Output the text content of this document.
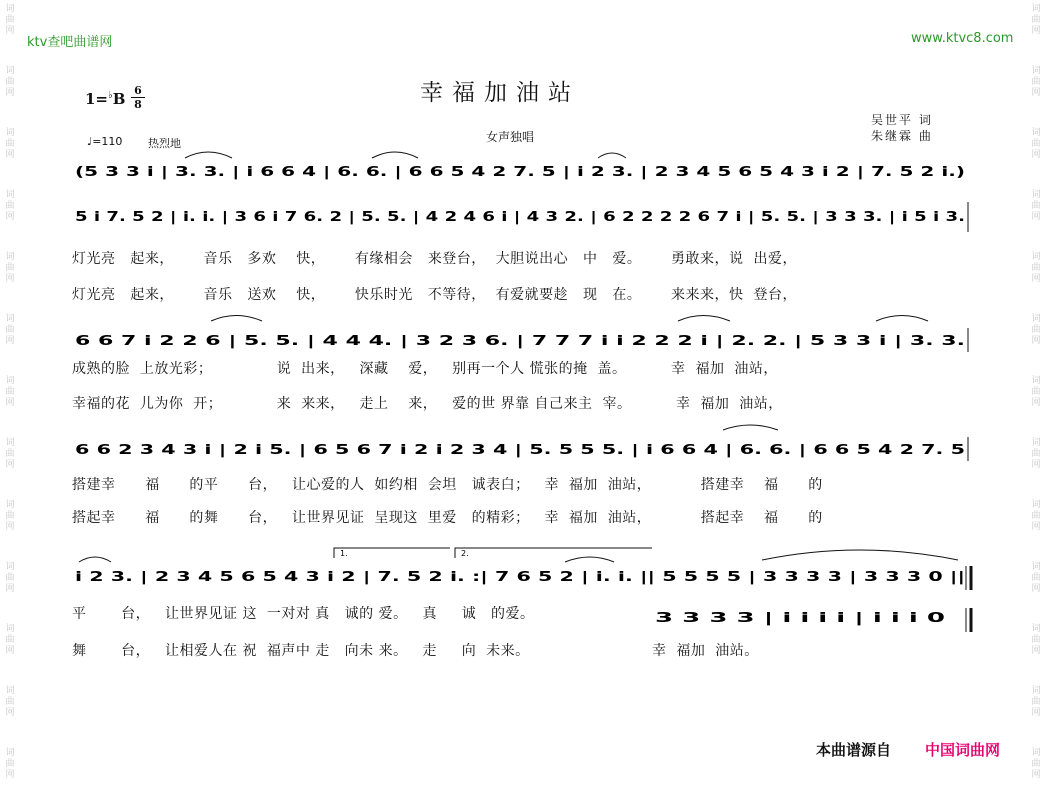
词
曲
网
词
曲
网
词
曲
网
词
曲
网
词
曲
网
词
曲
网
词
曲
网
词
曲
网
词
曲
网
词
曲
网
词
曲
网
词
曲
网
词
曲
网
词
曲
网
词
曲
网
词
曲
网
词
曲
网
词
曲
网
词
曲
网
词
曲
网
词
曲
网
词
曲
网
词
曲
网
词
曲
网
词
曲
网
词
曲
网
ktv查吧曲谱网	www.ktvc8.com
幸福加油站
1=♭B 6
8
♩=110 热烈地	女声独唱
吴世平 词
朱继霖 曲
(5 3 3 i | 3. 3. | i 6 6 4 | 6. 6. | 6 6 5 4 2 7. 5 | i 2 3. | 2 3 4 5 6 5 4 3 i 2 | 7. 5 2 i.)
5 i 7. 5 2 | i. i. | 3 6 i 7 6. 2 | 5. 5. | 4 2 4 6 i | 4 3 2. | 6 2 2 2 2 6 7 i | 5. 5. | 3 3 3. | i 5 i 3.
6 6 7 i 2 2 6 | 5. 5. | 4 4 4. | 3 2 3 6. | 7 7 7 i i 2 2 2 i | 2. 2. | 5 3 3 i | 3. 3.
6 6 2 3 4 3 i | 2 i 5. | 6 5 6 7 i 2 i 2 3 4 | 5. 5 5 5. | i 6 6 4 | 6. 6. | 6 6 5 4 2 7. 5
i 2 3. | 2 3 4 5 6 5 4 3 i 2 | 7. 5 2 i. :| 7 6 5 2 | i. i. || 5 5 5 5 | 3 3 3 3 | 3 3 3 0 ||
3 3 3 3 | i i i i | i i i 0
1.	2.
灯光亮   起来，      音乐   多欢    快，      有缘相会   来登台，  大胆说出心   中   爱。      勇敢来，说  出爱，
灯光亮   起来，      音乐   送欢    快，      快乐时光   不等待，  有爱就要趁   现   在。      来来来，快  登台，
成熟的脸  上放光彩；             说  出来，   深藏    爱，   别再一个人 慌张的掩  盖。         幸  福加  油站，
幸福的花  儿为你  开；           来  来来，   走上    来，   爱的世 界靠 自己来主  宰。         幸  福加  油站，
搭建幸      福      的平      台，   让心爱的人  如约相  会坦   诚表白；   幸  福加  油站，          搭建幸    福      的
搭起幸      福      的舞      台，   让世界见证  呈现这  里爱   的精彩；   幸  福加  油站，          搭起幸    福      的
平       台，   让世界见证 这  一对对 真   诚的 爱。   真     诚   的爱。
舞       台，   让相爱人在 祝  福声中 走   向未 来。   走     向  未来。	幸  福加  油站。
本曲谱源自 中国词曲网
